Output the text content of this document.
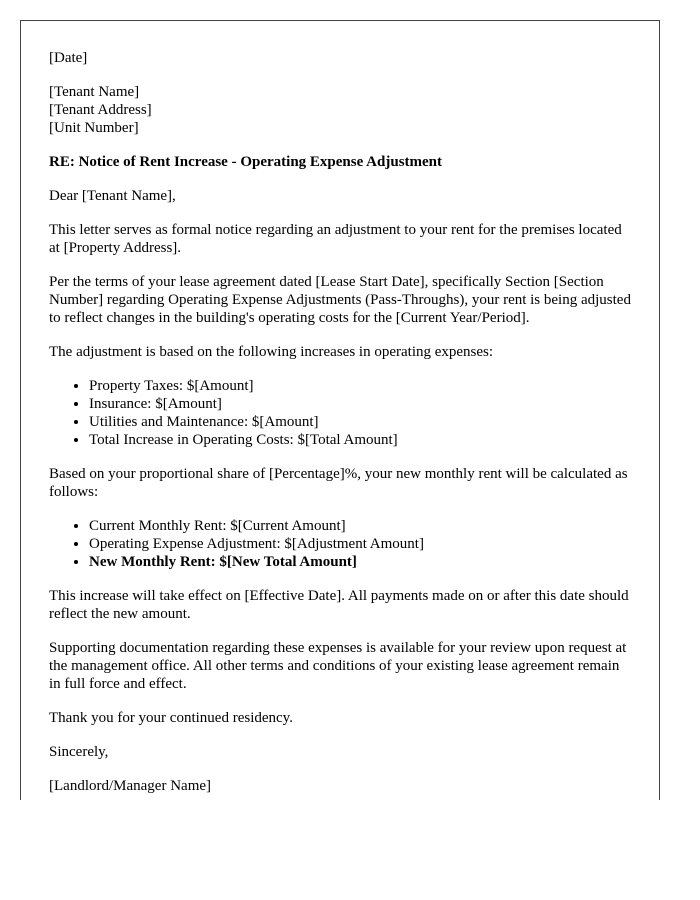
[Date]

[Tenant Name]

[Tenant Address]

[Unit Number]

RE: Notice of Rent Increase - Operating Expense Adjustment

Dear [Tenant Name],

This letter serves as formal notice regarding an adjustment to your rent for the premises located at [Property Address].

Per the terms of your lease agreement dated [Lease Start Date], specifically Section [Section Number] regarding Operating Expense Adjustments (Pass-Throughs), your rent is being adjusted to reflect changes in the building's operating costs for the [Current Year/Period].

The adjustment is based on the following increases in operating expenses:

• Property Taxes: $[Amount]
• Insurance: $[Amount]
• Utilities and Maintenance: $[Amount]
• Total Increase in Operating Costs: $[Total Amount]

Based on your proportional share of [Percentage]%, your new monthly rent will be calculated as follows:

• Current Monthly Rent: $[Current Amount]
• Operating Expense Adjustment: $[Adjustment Amount]
• New Monthly Rent: $[New Total Amount]

This increase will take effect on [Effective Date]. All payments made on or after this date should reflect the new amount.

Supporting documentation regarding these expenses is available for your review upon request at the management office. All other terms and conditions of your existing lease agreement remain in full force and effect.

Thank you for your continued residency.

Sincerely,

[Landlord/Manager Name]
